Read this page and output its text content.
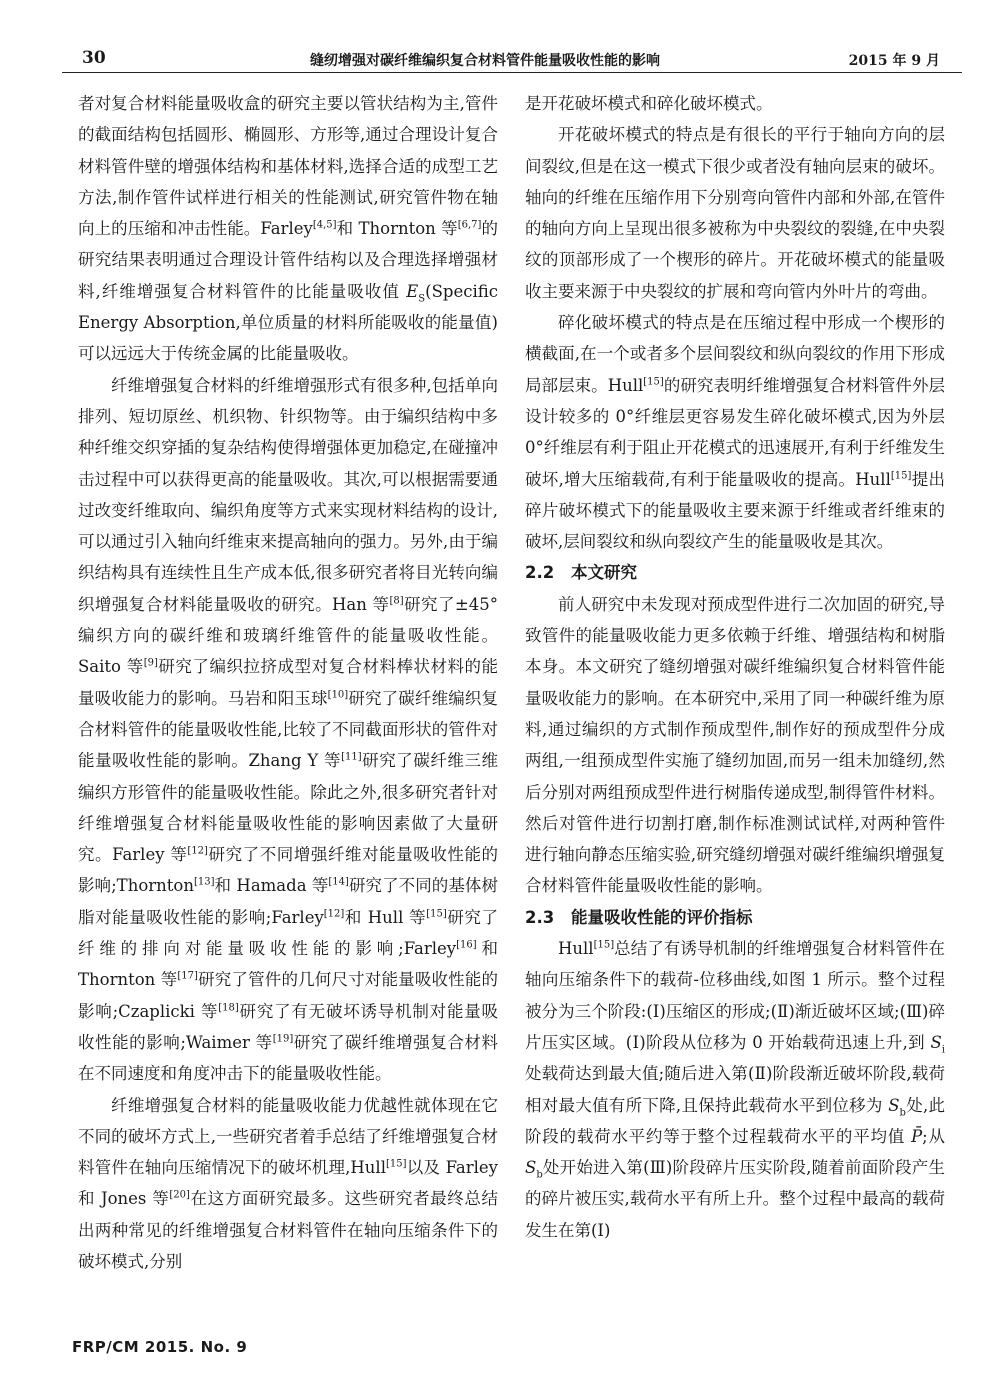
30	缝纫增强对碳纤维编织复合材料管件能量吸收性能的影响	2015 年 9 月

者对复合材料能量吸收盒的研究主要以管状结构为主,管件的截面结构包括圆形、椭圆形、方形等,通过合理设计复合材料管件壁的增强体结构和基体材料,选择合适的成型工艺方法,制作管件试样进行相关的性能测试,研究管件物在轴向上的压缩和冲击性能。Farley[4,5]和 Thornton 等[6,7]的研究结果表明通过合理设计管件结构以及合理选择增强材料,纤维增强复合材料管件的比能量吸收值 $E_S(Specific$ Energy Absorption,单位质量的材料所能吸收的能量值)可以远远大于传统金属的比能量吸收。

纤维增强复合材料的纤维增强形式有很多种,包括单向排列、短切原丝、机织物、针织物等。由于编织结构中多种纤维交织穿插的复杂结构使得增强体更加稳定,在碰撞冲击过程中可以获得更高的能量吸收。其次,可以根据需要通过改变纤维取向、编织角度等方式来实现材料结构的设计,可以通过引入轴向纤维束来提高轴向的强力。另外,由于编织结构具有连续性且生产成本低,很多研究者将目光转向编织增强复合材料能量吸收的研究。Han 等[8]研究了±45°编织方向的碳纤维和玻璃纤维管件的能量吸收性能。Saito 等[9]研究了编织拉挤成型对复合材料棒状材料的能量吸收能力的影响。马岩和阳玉球[10]研究了碳纤维编织复合材料管件的能量吸收性能,比较了不同截面形状的管件对能量吸收性能的影响。Zhang Y 等[11]研究了碳纤维三维编织方形管件的能量吸收性能。除此之外,很多研究者针对纤维增强复合材料能量吸收性能的影响因素做了大量研究。Farley 等[12]研究了不同增强纤维对能量吸收性能的影响;Thornton[13]和 Hamada 等[14]研究了不同的基体树脂对能量吸收性能的影响;Farley[12]和 Hull 等[15]研究了纤维的排向对能量吸收性能的影响;Farley[16]和 Thornton 等[17]研究了管件的几何尺寸对能量吸收性能的影响;Czaplicki 等[18]研究了有无破坏诱导机制对能量吸收性能的影响;Waimer 等[19]研究了碳纤维增强复合材料在不同速度和角度冲击下的能量吸收性能。

纤维增强复合材料的能量吸收能力优越性就体现在它不同的破坏方式上,一些研究者着手总结了纤维增强复合材料管件在轴向压缩情况下的破坏机理,Hull[15]以及 Farley 和 Jones 等[20]在这方面研究最多。这些研究者最终总结出两种常见的纤维增强复合材料管件在轴向压缩条件下的破坏模式,分别

是开花破坏模式和碎化破坏模式。

开花破坏模式的特点是有很长的平行于轴向方向的层间裂纹,但是在这一模式下很少或者没有轴向层束的破坏。轴向的纤维在压缩作用下分别弯向管件内部和外部,在管件的轴向方向上呈现出很多被称为中央裂纹的裂缝,在中央裂纹的顶部形成了一个楔形的碎片。开花破坏模式的能量吸收主要来源于中央裂纹的扩展和弯向管内外叶片的弯曲。

碎化破坏模式的特点是在压缩过程中形成一个楔形的横截面,在一个或者多个层间裂纹和纵向裂纹的作用下形成局部层束。Hull[15]的研究表明纤维增强复合材料管件外层设计较多的 0°纤维层更容易发生碎化破坏模式,因为外层 0°纤维层有利于阻止开花模式的迅速展开,有利于纤维发生破坏,增大压缩载荷,有利于能量吸收的提高。Hull[15]提出碎片破坏模式下的能量吸收主要来源于纤维或者纤维束的破坏,层间裂纹和纵向裂纹产生的能量吸收是其次。

2.2 本文研究

前人研究中未发现对预成型件进行二次加固的研究,导致管件的能量吸收能力更多依赖于纤维、增强结构和树脂本身。本文研究了缝纫增强对碳纤维编织复合材料管件能量吸收能力的影响。在本研究中,采用了同一种碳纤维为原料,通过编织的方式制作预成型件,制作好的预成型件分成两组,一组预成型件实施了缝纫加固,而另一组未加缝纫,然后分别对两组预成型件进行树脂传递成型,制得管件材料。然后对管件进行切割打磨,制作标准测试试样,对两种管件进行轴向静态压缩实验,研究缝纫增强对碳纤维编织增强复合材料管件能量吸收性能的影响。

2.3 能量吸收性能的评价指标

Hull[15]总结了有诱导机制的纤维增强复合材料管件在轴向压缩条件下的载荷-位移曲线,如图 1 所示。整个过程被分为三个阶段:(Ⅰ)压缩区的形成;(Ⅱ)渐近破坏区域;(Ⅲ)碎片压实区域。(Ⅰ)阶段从位移为 0 开始载荷迅速上升,到 $S_i$处载荷达到最大值;随后进入第(Ⅱ)阶段渐近破坏阶段,载荷相对最大值有所下降,且保持此载荷水平到位移为 $S_b$处,此阶段的载荷水平约等于整个过程载荷水平的平均值 P̄;从 $S_b$处开始进入第(Ⅲ)阶段碎片压实阶段,随着前面阶段产生的碎片被压实,载荷水平有所上升。整个过程中最高的载荷发生在第(Ⅰ)

FRP/CM 2015. No. 9
